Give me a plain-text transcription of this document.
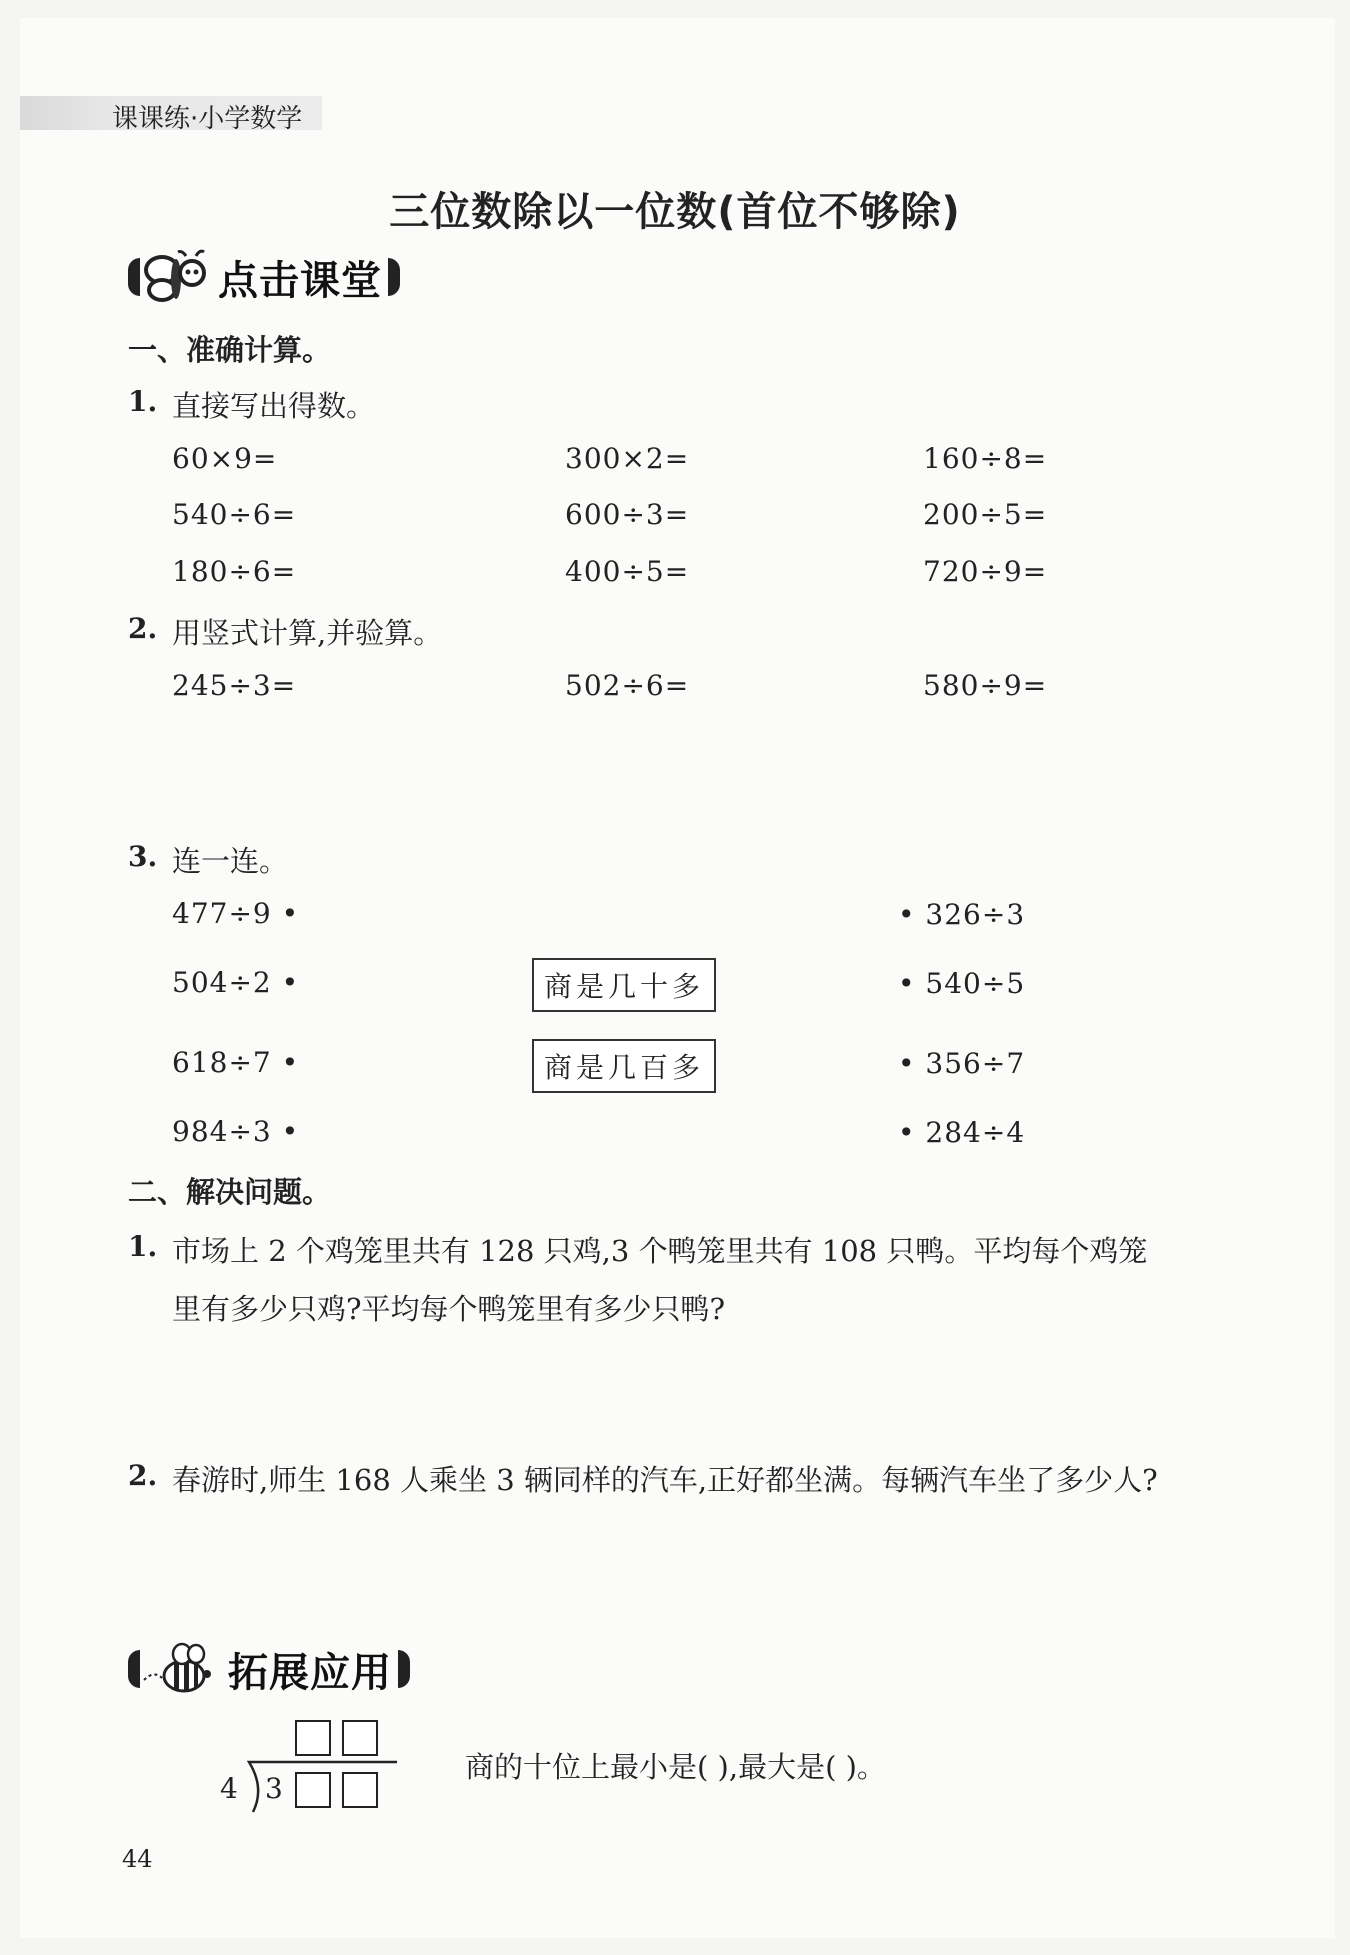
课课练·小学数学
三位数除以一位数(首位不够除)
点击课堂
一、准确计算。
1. 直接写出得数。
60×9=	300×2=	160÷8=
540÷6=	600÷3=	200÷5=
180÷6=	400÷5=	720÷9=
2. 用竖式计算,并验算。
245÷3=	502÷6=	580÷9=
3. 连一连。
477÷9 •
504÷2 •
618÷7 •
984÷3 •
商是几十多
商是几百多
• 326÷3
• 540÷5
• 356÷7
• 284÷4
二、解决问题。
1. 市场上 2 个鸡笼里共有 128 只鸡,3 个鸭笼里共有 108 只鸭。平均每个鸡笼
里有多少只鸡?平均每个鸭笼里有多少只鸭?
2. 春游时,师生 168 人乘坐 3 辆同样的汽车,正好都坐满。每辆汽车坐了多少人?
拓展应用
4 3
商的十位上最小是( ),最大是( )。
44
